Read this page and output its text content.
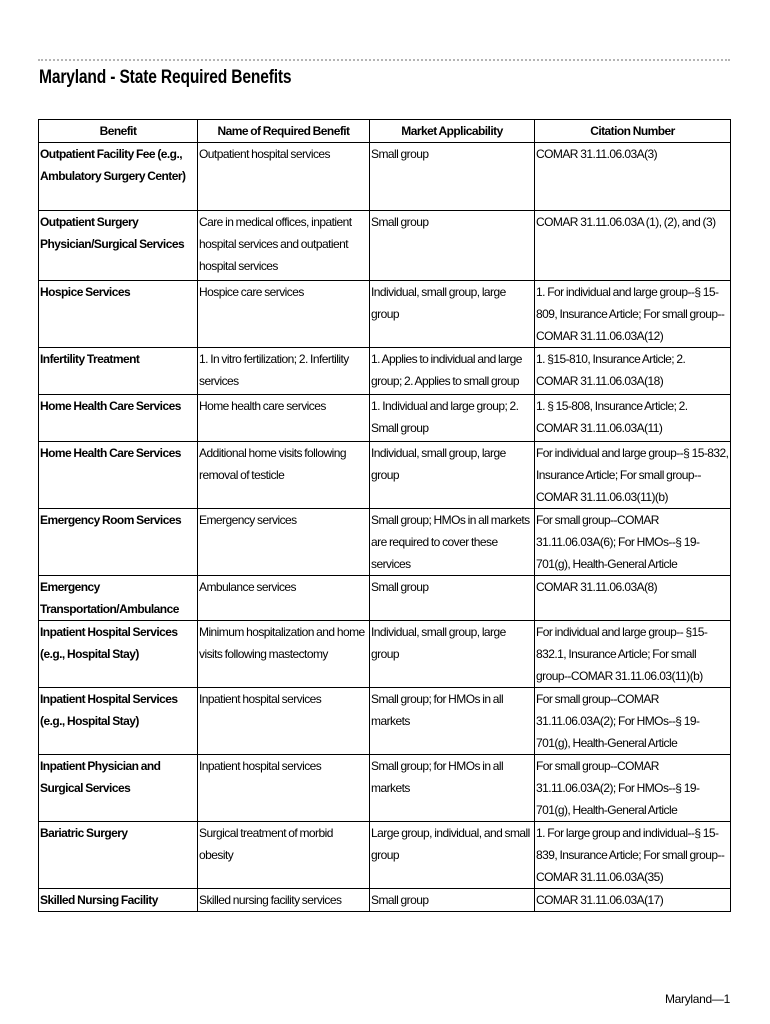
Maryland - State Required Benefits
Benefit	Name of Required Benefit	Market Applicability	Citation Number
Outpatient Facility Fee (e.g., Ambulatory Surgery Center)	Outpatient hospital services	Small group	COMAR 31.11.06.03A(3)
Outpatient Surgery Physician/Surgical Services	Care in medical offices, inpatient hospital services and outpatient hospital services	Small group	COMAR 31.11.06.03A (1), (2), and (3)
Hospice Services	Hospice care services	Individual, small group, large group	1. For individual and large group--§ 15-809, Insurance Article; For small group-- COMAR 31.11.06.03A(12)
Infertility Treatment	1. In vitro fertilization; 2. Infertility services	1. Applies to individual and large group; 2. Applies to small group	1. §15-810, Insurance Article; 2. COMAR 31.11.06.03A(18)
Home Health Care Services	Home health care services	1. Individual and large group; 2. Small group	1. § 15-808, Insurance Article; 2. COMAR 31.11.06.03A(11)
Home Health Care Services	Additional home visits following removal of testicle	Individual, small group, large group	For individual and large group--§ 15-832, Insurance Article; For small group--COMAR 31.11.06.03(11)(b)
Emergency Room Services	Emergency services	Small group; HMOs in all markets are required to cover these services	For small group--COMAR 31.11.06.03A(6); For HMOs--§ 19-701(g), Health-General Article
Emergency Transportation/Ambulance	Ambulance services	Small group	COMAR 31.11.06.03A(8)
Inpatient Hospital Services (e.g., Hospital Stay)	Minimum hospitalization and home visits following mastectomy	Individual, small group, large group	For individual and large group-- §15-832.1, Insurance Article; For small group--COMAR 31.11.06.03(11)(b)
Inpatient Hospital Services (e.g., Hospital Stay)	Inpatient hospital services	Small group; for HMOs in all markets	For small group--COMAR 31.11.06.03A(2); For HMOs--§ 19-701(g), Health-General Article
Inpatient Physician and Surgical Services	Inpatient hospital services	Small group; for HMOs in all markets	For small group--COMAR 31.11.06.03A(2); For HMOs--§ 19-701(g), Health-General Article
Bariatric Surgery	Surgical treatment of morbid obesity	Large group, individual, and small group	1. For large group and individual--§ 15-839, Insurance Article; For small group--COMAR 31.11.06.03A(35)
Skilled Nursing Facility	Skilled nursing facility services	Small group	COMAR 31.11.06.03A(17)
Maryland—1
